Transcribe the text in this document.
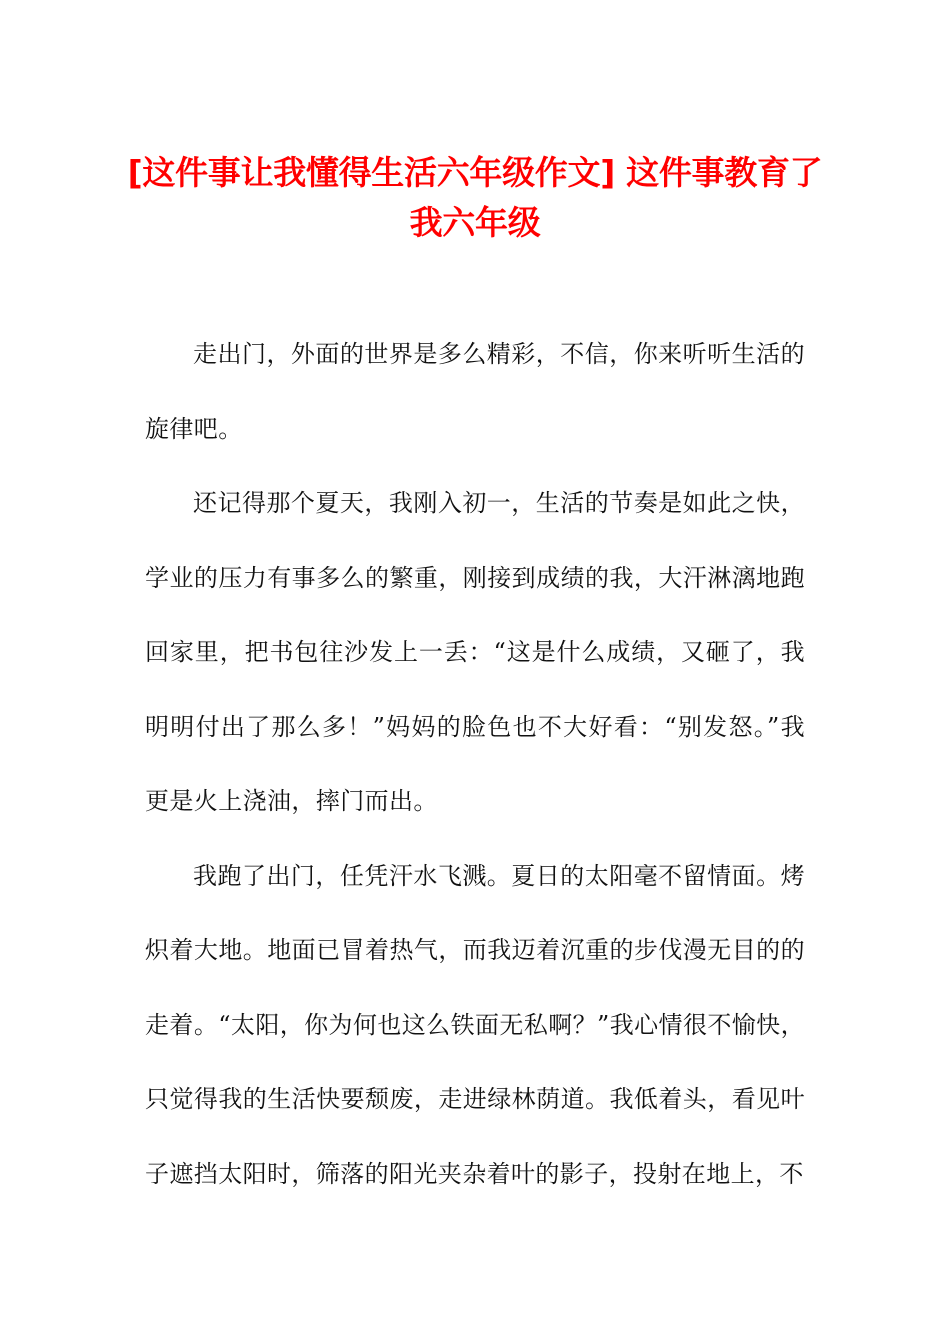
[这件事让我懂得生活六年级作文] 这件事教育了我六年级

走出门，外面的世界是多么精彩，不信，你来听听生活的旋律吧。

还记得那个夏天，我刚入初一，生活的节奏是如此之快，学业的压力有事多么的繁重，刚接到成绩的我，大汗淋漓地跑回家里，把书包往沙发上一丢：“这是什么成绩，又砸了，我明明付出了那么多！”妈妈的脸色也不大好看：“别发怒。”我更是火上浇油，摔门而出。

我跑了出门，任凭汗水飞溅。夏日的太阳毫不留情面。烤炽着大地。地面已冒着热气，而我迈着沉重的步伐漫无目的的走着。“太阳，你为何也这么铁面无私啊？”我心情很不愉快，只觉得我的生活快要颓废，走进绿林荫道。我低着头，看见叶子遮挡太阳时，筛落的阳光夹杂着叶的影子，投射在地上，不
